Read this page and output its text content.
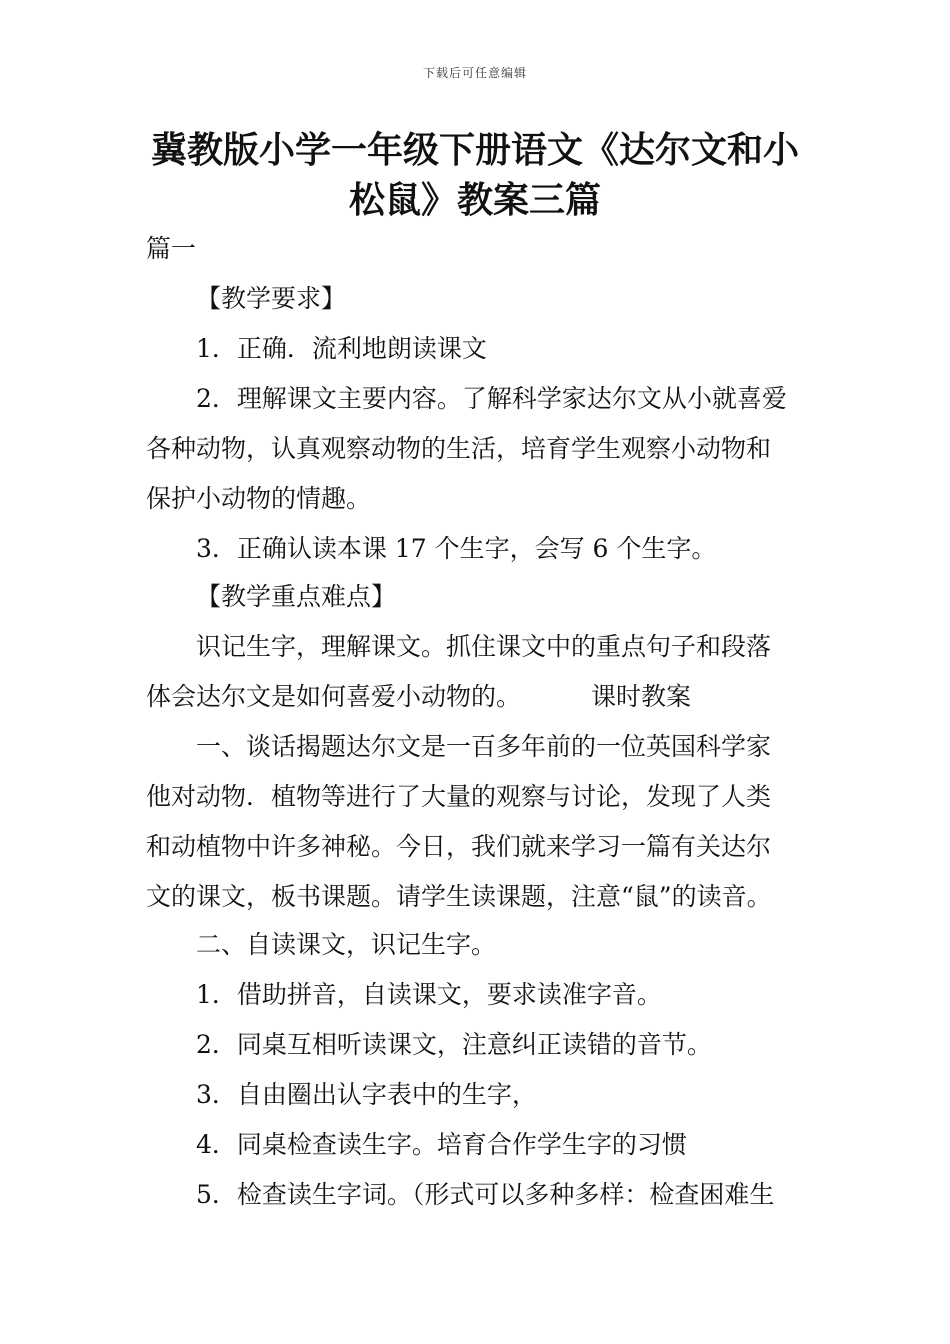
下载后可任意编辑
冀教版小学一年级下册语文《达尔文和小
松鼠》教案三篇
篇一
【教学要求】
1．正确．流利地朗读课文
2．理解课文主要内容。了解科学家达尔文从小就喜爱
各种动物，认真观察动物的生活，培育学生观察小动物和
保护小动物的情趣。
3．正确认读本课 17 个生字，会写 6 个生字。
【教学重点难点】
识记生字，理解课文。抓住课文中的重点句子和段落
体会达尔文是如何喜爱小动物的。	课时教案
一、谈话揭题达尔文是一百多年前的一位英国科学家
他对动物．植物等进行了大量的观察与讨论，发现了人类
和动植物中许多神秘。今日，我们就来学习一篇有关达尔
文的课文，板书课题。请学生读课题，注意“鼠”的读音。
二、自读课文，识记生字。
1．借助拼音，自读课文，要求读准字音。
2．同桌互相听读课文，注意纠正读错的音节。
3．自由圈出认字表中的生字，
4．同桌检查读生字。培育合作学生字的习惯
5．检查读生字词。（形式可以多种多样：检查困难生
